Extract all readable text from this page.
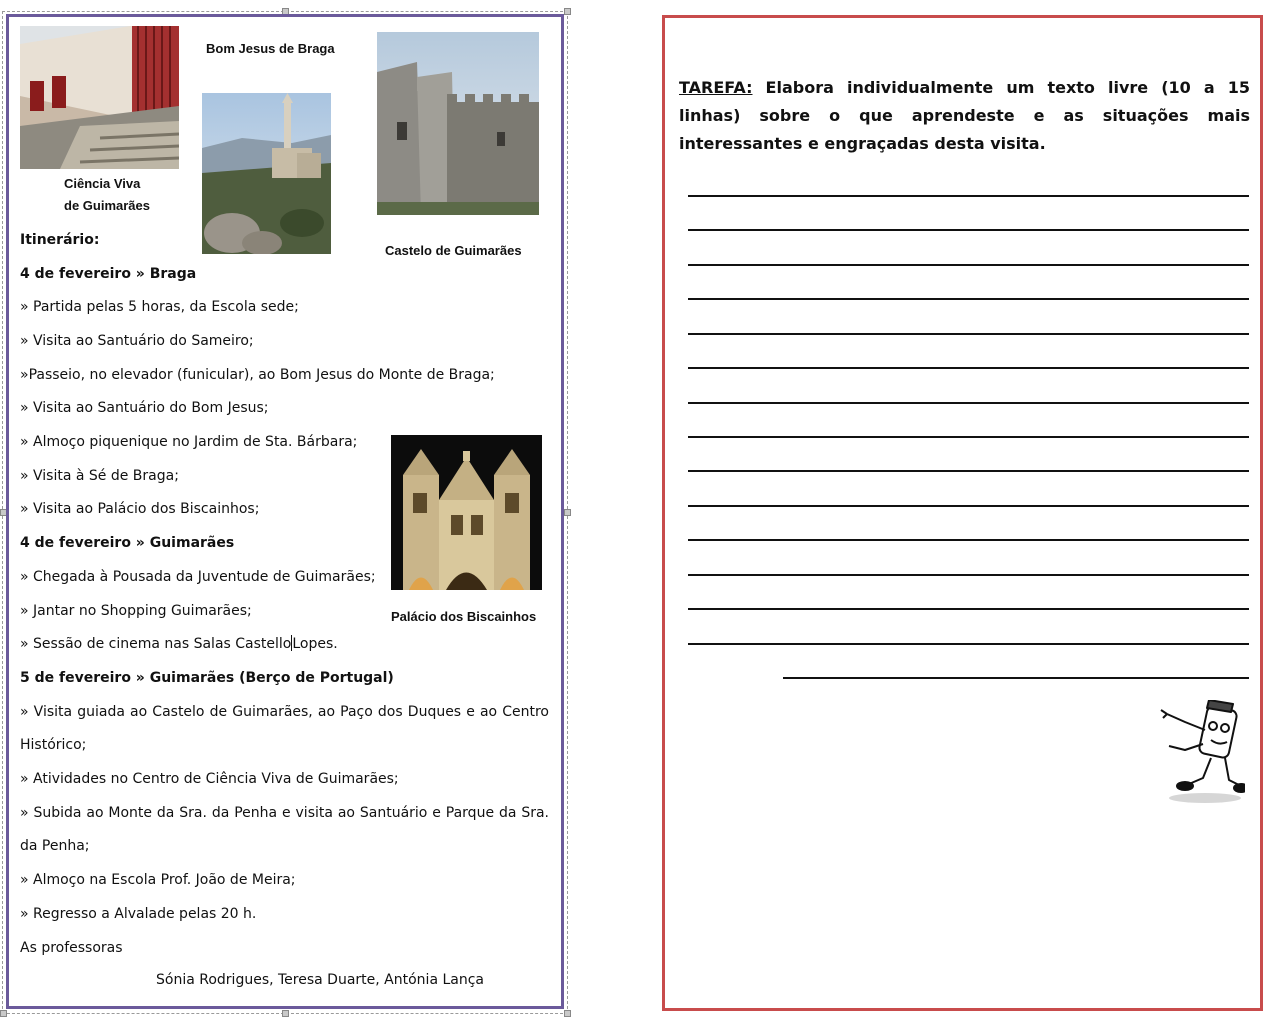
Ciência Viva
de Guimarães
Bom Jesus de Braga
Castelo de Guimarães
Palácio dos Biscainhos
Itinerário:
4 de fevereiro » Braga
» Partida pelas 5 horas, da Escola sede;
» Visita ao Santuário do Sameiro;
»Passeio, no elevador (funicular), ao Bom Jesus do Monte de Braga;
» Visita ao Santuário do Bom Jesus;
» Almoço piquenique no Jardim de Sta. Bárbara;
» Visita à Sé de Braga;
» Visita ao Palácio dos Biscainhos;
4 de fevereiro » Guimarães
» Chegada à Pousada da Juventude de Guimarães;
» Jantar no Shopping Guimarães;
» Sessão de cinema nas Salas CastelloLopes.
5 de fevereiro » Guimarães (Berço de Portugal)
» Visita guiada ao Castelo de Guimarães, ao Paço dos Duques e ao Centro Histórico;
» Atividades no Centro de Ciência Viva de Guimarães;
» Subida ao Monte da Sra. da Penha e visita ao Santuário e Parque da Sra. da Penha;
» Almoço na Escola Prof. João de Meira;
» Regresso a Alvalade pelas 20 h.
As professoras
Sónia Rodrigues, Teresa Duarte, Antónia Lança
TAREFA: Elabora individualmente um texto livre (10 a 15 linhas) sobre o que aprendeste e as situações mais interessantes e engraçadas desta visita.
